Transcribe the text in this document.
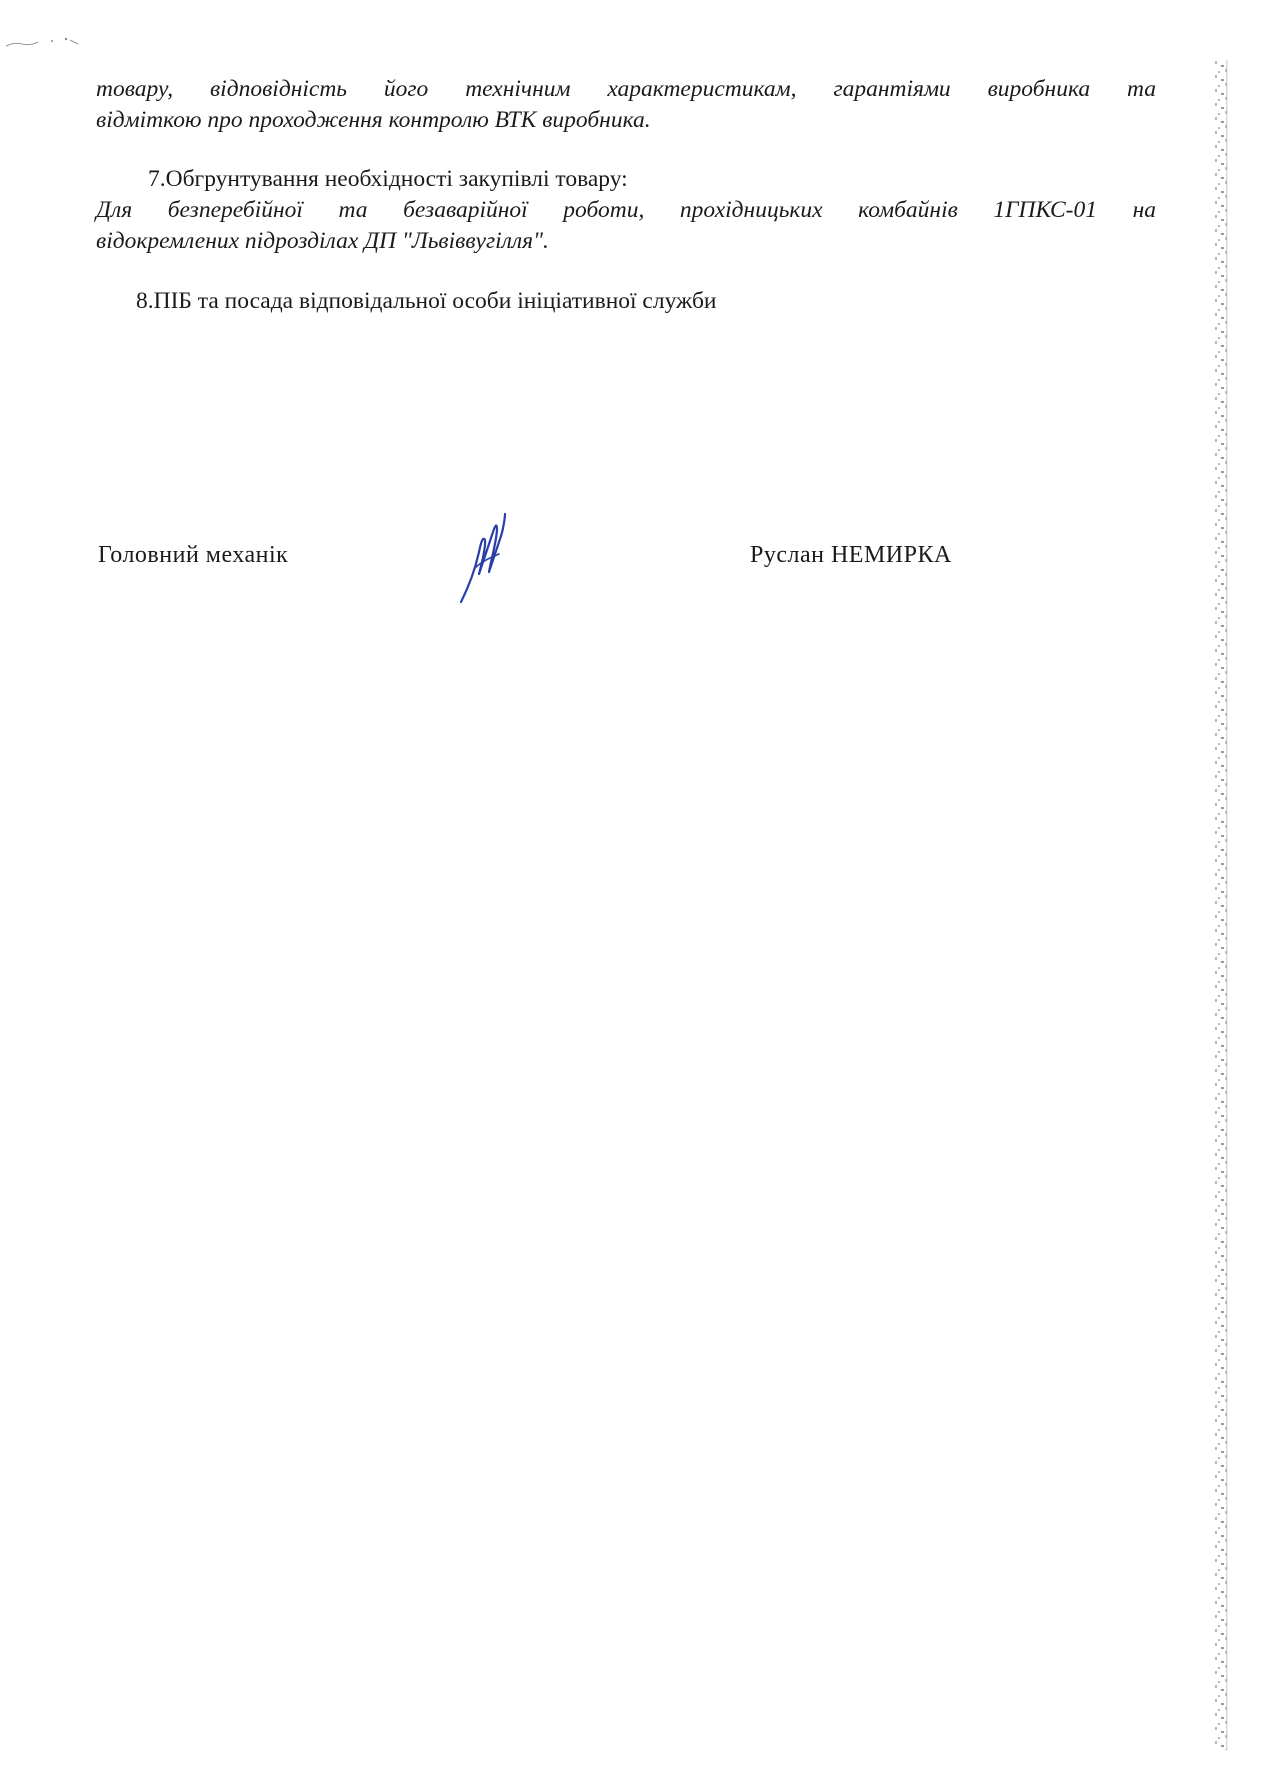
товару, відповідність його технічним характеристикам, гарантіями виробника та
відміткою про проходження контролю ВТК виробника.
7.Обгрунтування необхідності закупівлі товару:
Для безперебійної та безаварійної роботи, прохідницьких комбайнів 1ГПКС-01 на
відокремлених підрозділах ДП "Львіввугілля".
8.ПІБ та посада відповідальної особи ініціативної служби
Головний механік	Руслан НЕМИРКА
